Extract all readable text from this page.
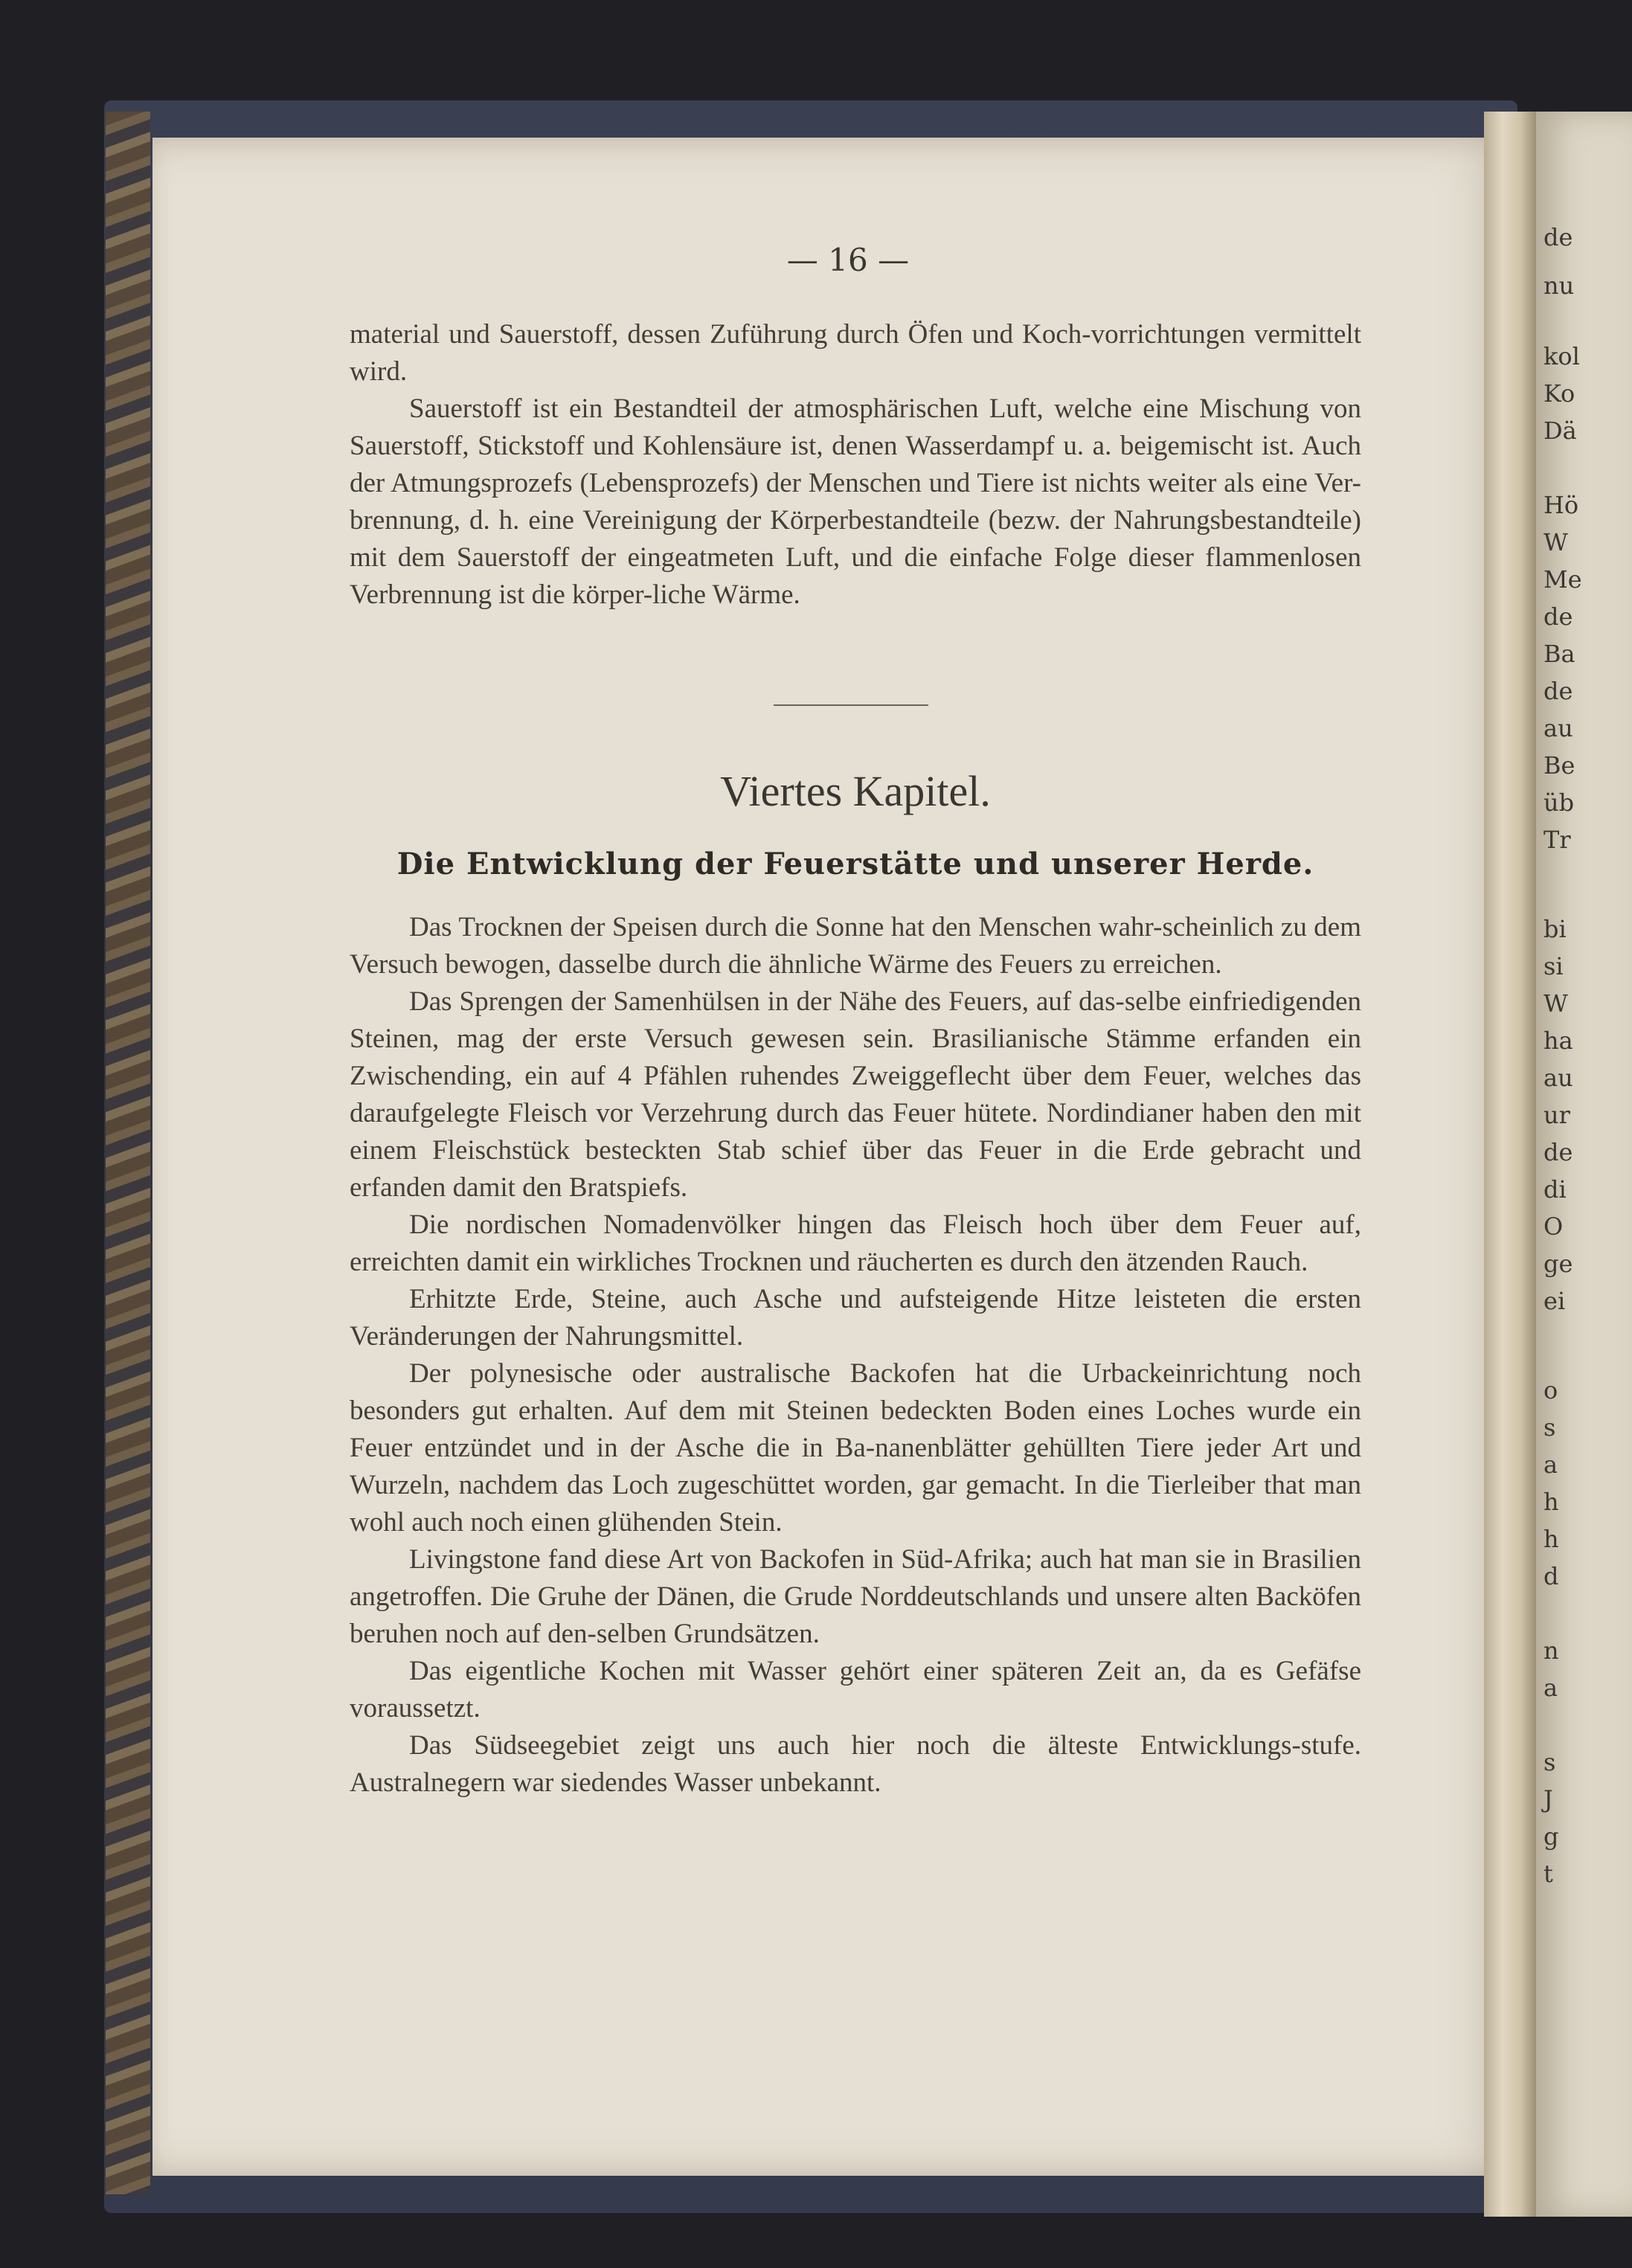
de
nu
kol
Ko
Dä
Hö
W
Me
de
Ba
de
au
Be
üb
Tr
bi
si
W
ha
au
ur
de
di
O
ge
ei
o
s
a
h
h
d
n
a
s
J
g
t
— 16 —

material und Sauerstoff, dessen Zuführung durch Öfen und Koch-vorrichtungen vermittelt wird.

Sauerstoff ist ein Bestandteil der atmosphärischen Luft, welche eine Mischung von Sauerstoff, Stickstoff und Kohlensäure ist, denen Wasserdampf u. a. beigemischt ist. Auch der Atmungsprozefs (Lebensprozefs) der Menschen und Tiere ist nichts weiter als eine Ver-brennung, d. h. eine Vereinigung der Körperbestandteile (bezw. der Nahrungsbestandteile) mit dem Sauerstoff der eingeatmeten Luft, und die einfache Folge dieser flammenlosen Verbrennung ist die körper-liche Wärme.

Viertes Kapitel.
Die Entwicklung der Feuerstätte und unserer Herde.

Das Trocknen der Speisen durch die Sonne hat den Menschen wahr-scheinlich zu dem Versuch bewogen, dasselbe durch die ähnliche Wärme des Feuers zu erreichen.

Das Sprengen der Samenhülsen in der Nähe des Feuers, auf das-selbe einfriedigenden Steinen, mag der erste Versuch gewesen sein. Brasilianische Stämme erfanden ein Zwischending, ein auf 4 Pfählen ruhendes Zweiggeflecht über dem Feuer, welches das daraufgelegte Fleisch vor Verzehrung durch das Feuer hütete. Nordindianer haben den mit einem Fleischstück besteckten Stab schief über das Feuer in die Erde gebracht und erfanden damit den Bratspiefs.

Die nordischen Nomadenvölker hingen das Fleisch hoch über dem Feuer auf, erreichten damit ein wirkliches Trocknen und räucherten es durch den ätzenden Rauch.

Erhitzte Erde, Steine, auch Asche und aufsteigende Hitze leisteten die ersten Veränderungen der Nahrungsmittel.

Der polynesische oder australische Backofen hat die Urbackeinrichtung noch besonders gut erhalten. Auf dem mit Steinen bedeckten Boden eines Loches wurde ein Feuer entzündet und in der Asche die in Ba-nanenblätter gehüllten Tiere jeder Art und Wurzeln, nachdem das Loch zugeschüttet worden, gar gemacht. In die Tierleiber that man wohl auch noch einen glühenden Stein.

Livingstone fand diese Art von Backofen in Süd-Afrika; auch hat man sie in Brasilien angetroffen. Die Gruhe der Dänen, die Grude Norddeutschlands und unsere alten Backöfen beruhen noch auf den-selben Grundsätzen.

Das eigentliche Kochen mit Wasser gehört einer späteren Zeit an, da es Gefäfse voraussetzt.

Das Südseegebiet zeigt uns auch hier noch die älteste Entwicklungs-stufe. Australnegern war siedendes Wasser unbekannt.
